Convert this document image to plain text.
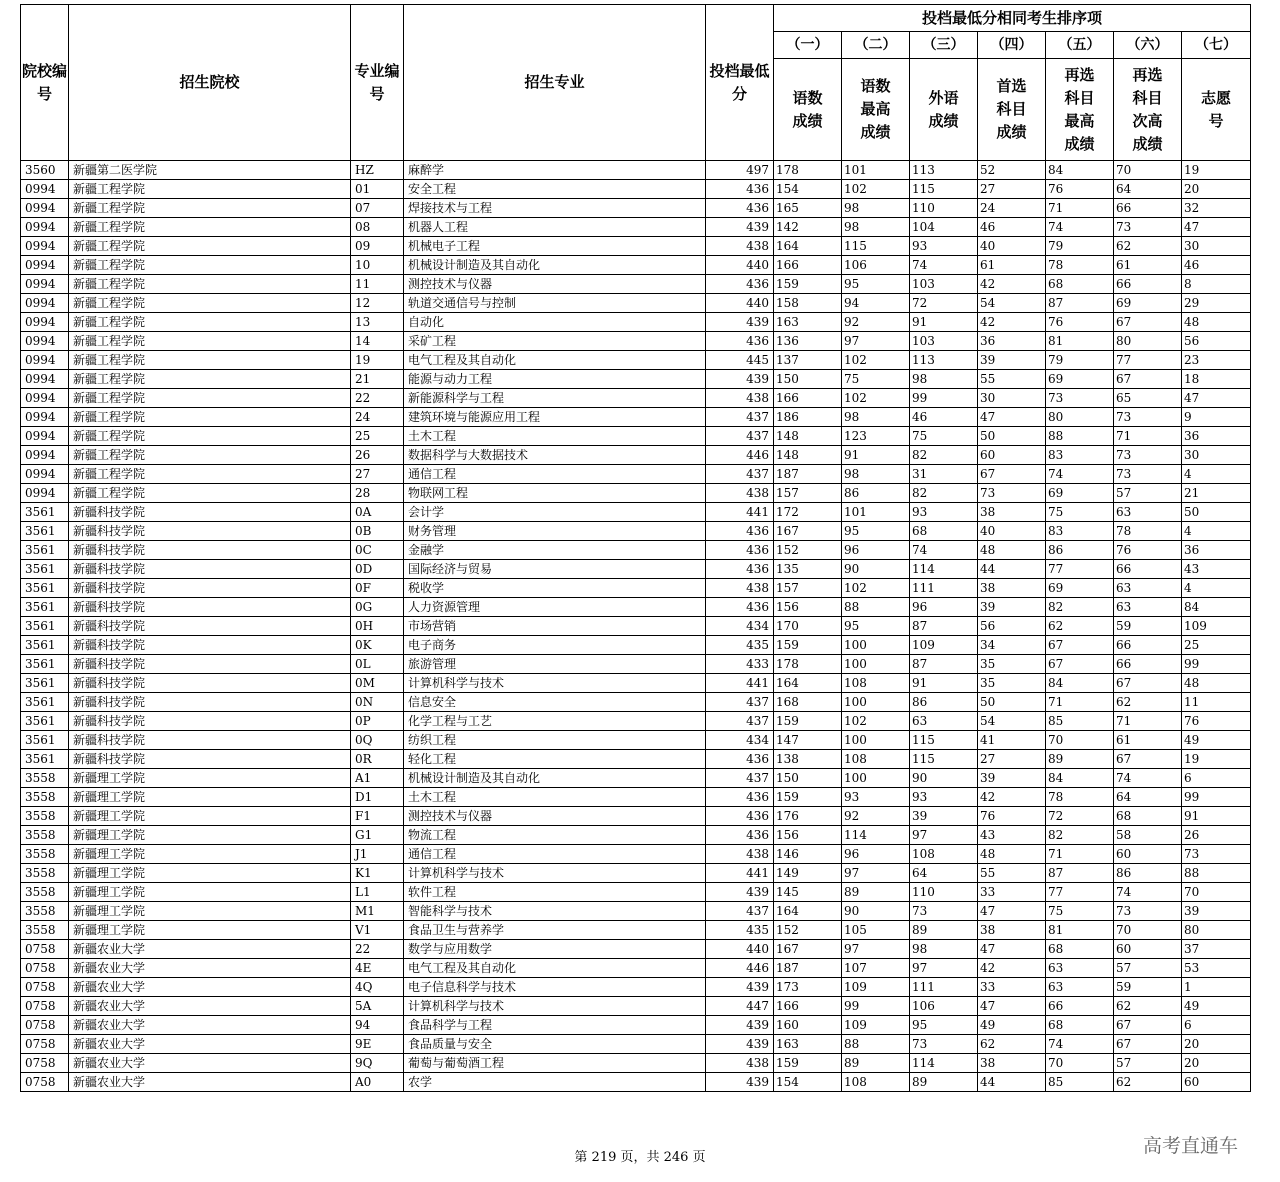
院校编号	招生院校	专业编号	招生专业	投档最低分	投档最低分相同考生排序项						
					（一）	（二）	（三）	（四）	（五）	（六）	（七）
					语数成绩	语数最高成绩	外语成绩	首选科目成绩	再选科目最高成绩	再选科目次高成绩	志愿号
3560	新疆第二医学院	HZ	麻醉学	497	178	101	113	52	84	70	19
0994	新疆工程学院	01	安全工程	436	154	102	115	27	76	64	20
0994	新疆工程学院	07	焊接技术与工程	436	165	98	110	24	71	66	32
0994	新疆工程学院	08	机器人工程	439	142	98	104	46	74	73	47
0994	新疆工程学院	09	机械电子工程	438	164	115	93	40	79	62	30
0994	新疆工程学院	10	机械设计制造及其自动化	440	166	106	74	61	78	61	46
0994	新疆工程学院	11	测控技术与仪器	436	159	95	103	42	68	66	8
0994	新疆工程学院	12	轨道交通信号与控制	440	158	94	72	54	87	69	29
0994	新疆工程学院	13	自动化	439	163	92	91	42	76	67	48
0994	新疆工程学院	14	采矿工程	436	136	97	103	36	81	80	56
0994	新疆工程学院	19	电气工程及其自动化	445	137	102	113	39	79	77	23
0994	新疆工程学院	21	能源与动力工程	439	150	75	98	55	69	67	18
0994	新疆工程学院	22	新能源科学与工程	438	166	102	99	30	73	65	47
0994	新疆工程学院	24	建筑环境与能源应用工程	437	186	98	46	47	80	73	9
0994	新疆工程学院	25	土木工程	437	148	123	75	50	88	71	36
0994	新疆工程学院	26	数据科学与大数据技术	446	148	91	82	60	83	73	30
0994	新疆工程学院	27	通信工程	437	187	98	31	67	74	73	4
0994	新疆工程学院	28	物联网工程	438	157	86	82	73	69	57	21
3561	新疆科技学院	0A	会计学	441	172	101	93	38	75	63	50
3561	新疆科技学院	0B	财务管理	436	167	95	68	40	83	78	4
3561	新疆科技学院	0C	金融学	436	152	96	74	48	86	76	36
3561	新疆科技学院	0D	国际经济与贸易	436	135	90	114	44	77	66	43
3561	新疆科技学院	0F	税收学	438	157	102	111	38	69	63	4
3561	新疆科技学院	0G	人力资源管理	436	156	88	96	39	82	63	84
3561	新疆科技学院	0H	市场营销	434	170	95	87	56	62	59	109
3561	新疆科技学院	0K	电子商务	435	159	100	109	34	67	66	25
3561	新疆科技学院	0L	旅游管理	433	178	100	87	35	67	66	99
3561	新疆科技学院	0M	计算机科学与技术	441	164	108	91	35	84	67	48
3561	新疆科技学院	0N	信息安全	437	168	100	86	50	71	62	11
3561	新疆科技学院	0P	化学工程与工艺	437	159	102	63	54	85	71	76
3561	新疆科技学院	0Q	纺织工程	434	147	100	115	41	70	61	49
3561	新疆科技学院	0R	轻化工程	436	138	108	115	27	89	67	19
3558	新疆理工学院	A1	机械设计制造及其自动化	437	150	100	90	39	84	74	6
3558	新疆理工学院	D1	土木工程	436	159	93	93	42	78	64	99
3558	新疆理工学院	F1	测控技术与仪器	436	176	92	39	76	72	68	91
3558	新疆理工学院	G1	物流工程	436	156	114	97	43	82	58	26
3558	新疆理工学院	J1	通信工程	438	146	96	108	48	71	60	73
3558	新疆理工学院	K1	计算机科学与技术	441	149	97	64	55	87	86	88
3558	新疆理工学院	L1	软件工程	439	145	89	110	33	77	74	70
3558	新疆理工学院	M1	智能科学与技术	437	164	90	73	47	75	73	39
3558	新疆理工学院	V1	食品卫生与营养学	435	152	105	89	38	81	70	80
0758	新疆农业大学	22	数学与应用数学	440	167	97	98	47	68	60	37
0758	新疆农业大学	4E	电气工程及其自动化	446	187	107	97	42	63	57	53
0758	新疆农业大学	4Q	电子信息科学与技术	439	173	109	111	33	63	59	1
0758	新疆农业大学	5A	计算机科学与技术	447	166	99	106	47	66	62	49
0758	新疆农业大学	94	食品科学与工程	439	160	109	95	49	68	67	6
0758	新疆农业大学	9E	食品质量与安全	439	163	88	73	62	74	67	20
0758	新疆农业大学	9Q	葡萄与葡萄酒工程	438	159	89	114	38	70	57	20
0758	新疆农业大学	A0	农学	439	154	108	89	44	85	62	60
第 219 页，共 246 页
高考直通车
